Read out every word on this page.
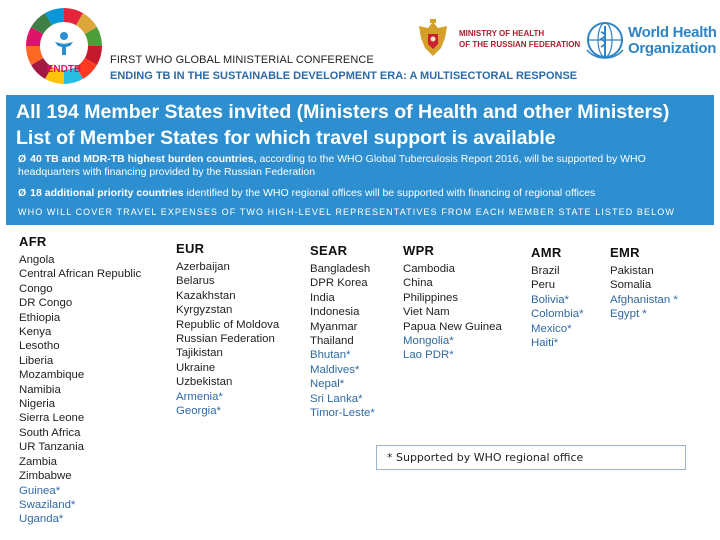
ENDTB
FIRST WHO GLOBAL MINISTERIAL CONFERENCE
ENDING TB IN THE SUSTAINABLE DEVELOPMENT ERA: A MULTISECTORAL RESPONSE
MINISTRY OF HEALTH
OF THE RUSSIAN FEDERATION
World Health
Organization
All 194 Member States invited (Ministers of Health and other Ministers)
List of Member States for which travel support is available
Ø 40 TB and MDR-TB highest burden countries, according to the WHO Global Tuberculosis Report 2016, will be supported by WHO headquarters with financing provided by the Russian Federation
Ø 18 additional priority countries identified by the WHO regional offices will be supported with financing of regional offices
WHO WILL COVER TRAVEL EXPENSES OF TWO HIGH-LEVEL REPRESENTATIVES FROM EACH MEMBER STATE LISTED BELOW
AFR
Angola
Central African Republic
Congo
DR Congo
Ethiopia
Kenya
Lesotho
Liberia
Mozambique
Namibia
Nigeria
Sierra Leone
South Africa
UR Tanzania
Zambia
Zimbabwe
Guinea*
Swaziland*
Uganda*
EUR
Azerbaijan
Belarus
Kazakhstan
Kyrgyzstan
Republic of Moldova
Russian Federation
Tajikistan
Ukraine
Uzbekistan
Armenia*
Georgia*
SEAR
Bangladesh
DPR Korea
India
Indonesia
Myanmar
Thailand
Bhutan*
Maldives*
Nepal*
Sri Lanka*
Timor-Leste*
WPR
Cambodia
China
Philippines
Viet Nam
Papua New Guinea
Mongolia*
Lao PDR*
AMR
Brazil
Peru
Bolivia*
Colombia*
Mexico*
Haiti*
EMR
Pakistan
Somalia
Afghanistan *
Egypt *
* Supported by WHO regional office
